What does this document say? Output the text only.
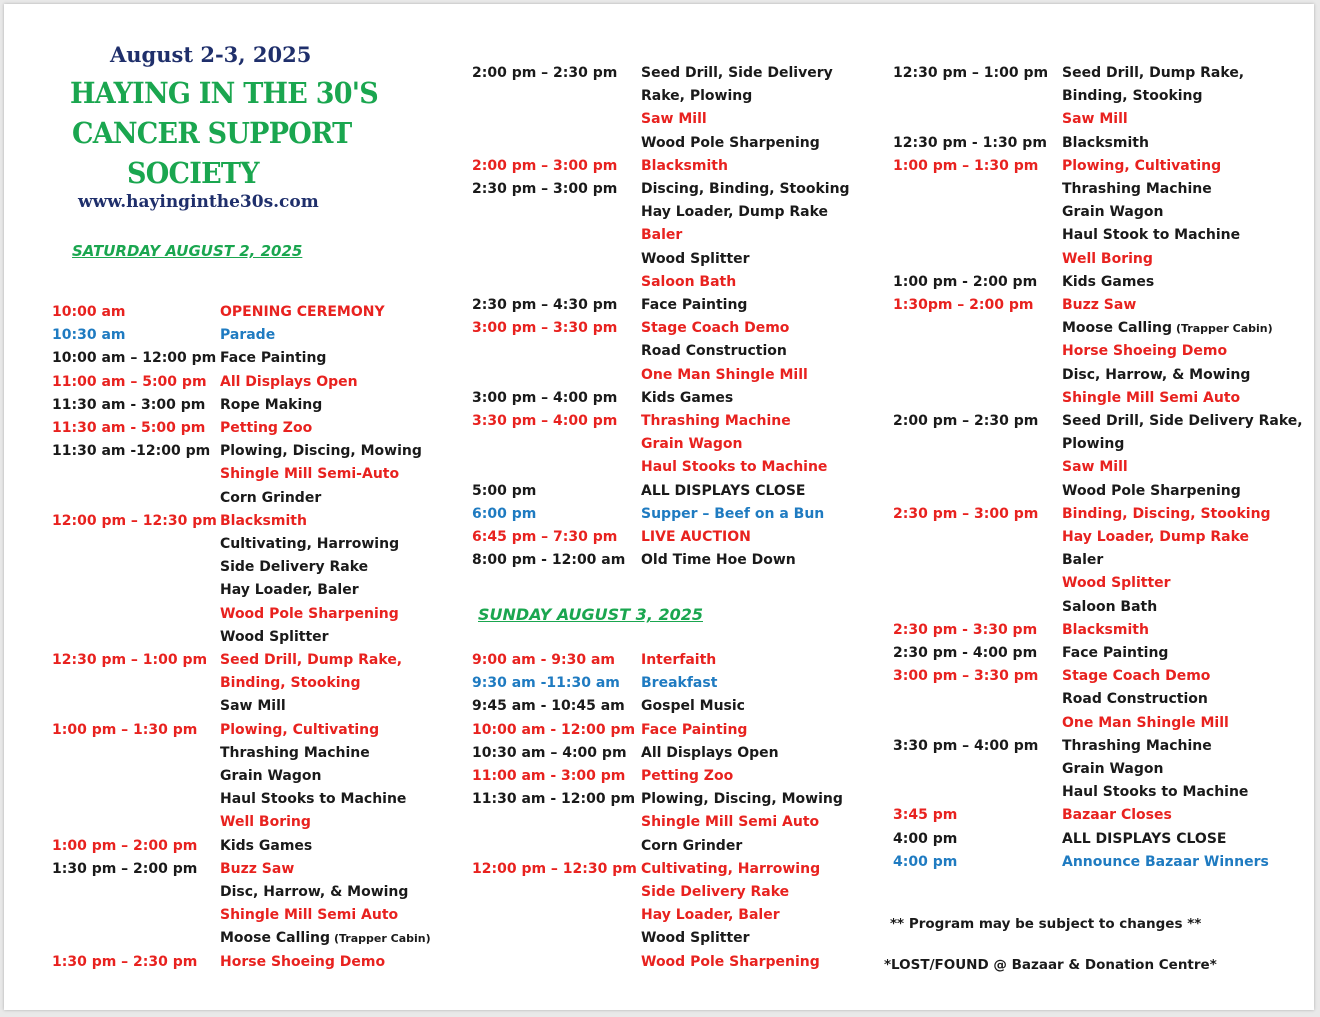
August 2-3, 2025
HAYING IN THE 30'S
CANCER SUPPORT
SOCIETY
www.hayinginthe30s.com
SATURDAY AUGUST 2, 2025
SUNDAY AUGUST 3, 2025
10:00 am	OPENING CEREMONY
10:30 am	Parade
10:00 am – 12:00 pm Face Painting
11:00 am – 5:00 pm All Displays Open
11:30 am - 3:00 pm Rope Making
11:30 am - 5:00 pm Petting Zoo
11:30 am -12:00 pm Plowing, Discing, Mowing
Shingle Mill Semi-Auto
Corn Grinder
12:00 pm – 12:30 pm Blacksmith
Cultivating, Harrowing
Side Delivery Rake
Hay Loader, Baler
Wood Pole Sharpening
Wood Splitter
12:30 pm – 1:00 pm Seed Drill, Dump Rake,
Binding, Stooking
Saw Mill
1:00 pm – 1:30 pm Plowing, Cultivating
Thrashing Machine
Grain Wagon
Haul Stooks to Machine
Well Boring
1:00 pm – 2:00 pm Kids Games
1:30 pm – 2:00 pm Buzz Saw
Disc, Harrow, & Mowing
Shingle Mill Semi Auto
Moose Calling (Trapper Cabin)
1:30 pm – 2:30 pm Horse Shoeing Demo
2:00 pm – 2:30 pm Seed Drill, Side Delivery
Rake, Plowing
Saw Mill
Wood Pole Sharpening
2:00 pm – 3:00 pm Blacksmith
2:30 pm – 3:00 pm Discing, Binding, Stooking
Hay Loader, Dump Rake
Baler
Wood Splitter
Saloon Bath
2:30 pm – 4:30 pm Face Painting
3:00 pm – 3:30 pm Stage Coach Demo
Road Construction
One Man Shingle Mill
3:00 pm – 4:00 pm Kids Games
3:30 pm – 4:00 pm Thrashing Machine
Grain Wagon
Haul Stooks to Machine
5:00 pm	ALL DISPLAYS CLOSE
6:00 pm	Supper – Beef on a Bun
6:45 pm – 7:30 pm LIVE AUCTION
8:00 pm - 12:00 am Old Time Hoe Down
9:00 am - 9:30 am Interfaith
9:30 am -11:30 am Breakfast
9:45 am - 10:45 am Gospel Music
10:00 am - 12:00 pm Face Painting
10:30 am – 4:00 pm All Displays Open
11:00 am - 3:00 pm Petting Zoo
11:30 am - 12:00 pm Plowing, Discing, Mowing
Shingle Mill Semi Auto
Corn Grinder
12:00 pm – 12:30 pm Cultivating, Harrowing
Side Delivery Rake
Hay Loader, Baler
Wood Splitter
Wood Pole Sharpening
12:30 pm – 1:00 pm Seed Drill, Dump Rake,
Binding, Stooking
Saw Mill
12:30 pm - 1:30 pm Blacksmith
1:00 pm – 1:30 pm Plowing, Cultivating
Thrashing Machine
Grain Wagon
Haul Stook to Machine
Well Boring
1:00 pm - 2:00 pm Kids Games
1:30pm – 2:00 pm Buzz Saw
Moose Calling (Trapper Cabin)
Horse Shoeing Demo
Disc, Harrow, & Mowing
Shingle Mill Semi Auto
2:00 pm – 2:30 pm Seed Drill, Side Delivery Rake,
Plowing
Saw Mill
Wood Pole Sharpening
2:30 pm – 3:00 pm Binding, Discing, Stooking
Hay Loader, Dump Rake
Baler
Wood Splitter
Saloon Bath
2:30 pm - 3:30 pm Blacksmith
2:30 pm - 4:00 pm Face Painting
3:00 pm – 3:30 pm Stage Coach Demo
Road Construction
One Man Shingle Mill
3:30 pm – 4:00 pm Thrashing Machine
Grain Wagon
Haul Stooks to Machine
3:45 pm	Bazaar Closes
4:00 pm	ALL DISPLAYS CLOSE
4:00 pm	Announce Bazaar Winners
** Program may be subject to changes **
*LOST/FOUND @ Bazaar & Donation Centre*
